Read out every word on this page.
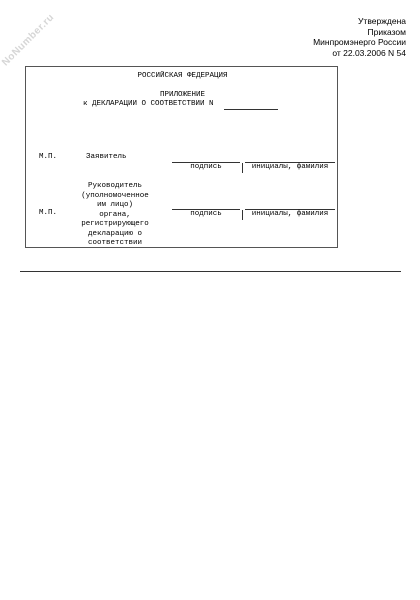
NoNumber.ru	Утверждена
Приказом
Минпромэнерго России
от 22.03.2006 N 54
РОССИЙСКАЯ ФЕДЕРАЦИЯ
ПРИЛОЖЕНИЕ
к ДЕКЛАРАЦИИ О СООТВЕТСТВИИ N
М.П.	Заявитель
подпись	инициалы, фамилия
М.П.
Руководитель
(уполномоченное
им лицо)
органа,
регистрирующего
декларацию о
соответствии
подпись	инициалы, фамилия
